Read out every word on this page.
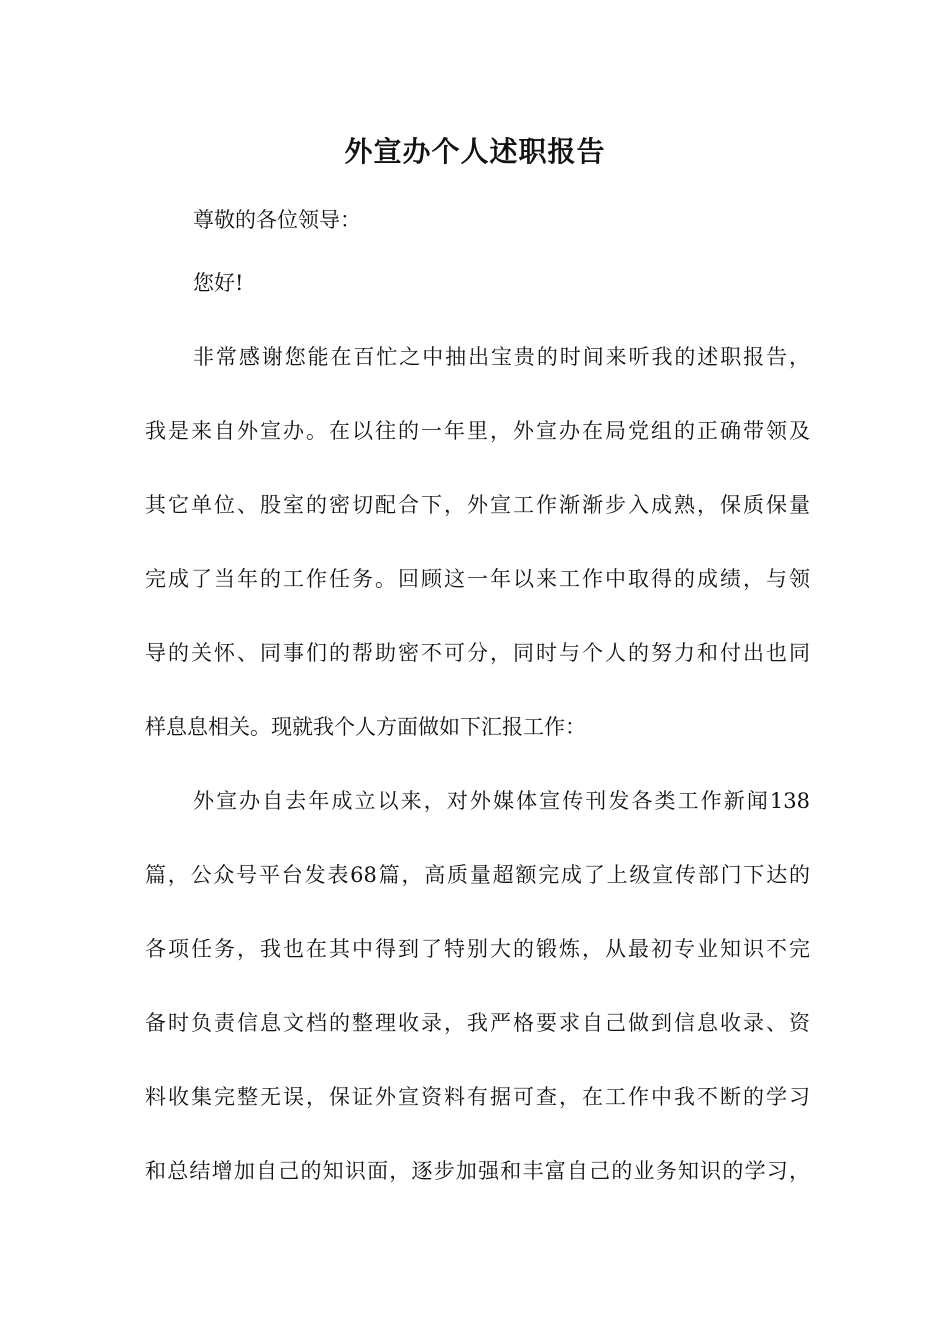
外宣办个人述职报告
尊敬的各位领导：
您好!
非常感谢您能在百忙之中抽出宝贵的时间来听我的述职报告，
我是来自外宣办。在以往的一年里，外宣办在局党组的正确带领及
其它单位、股室的密切配合下，外宣工作渐渐步入成熟，保质保量
完成了当年的工作任务。回顾这一年以来工作中取得的成绩，与领
导的关怀、同事们的帮助密不可分，同时与个人的努力和付出也同
样息息相关。现就我个人方面做如下汇报工作：
外宣办自去年成立以来，对外媒体宣传刊发各类工作新闻138
篇，公众号平台发表68篇，高质量超额完成了上级宣传部门下达的
各项任务，我也在其中得到了特别大的锻炼，从最初专业知识不完
备时负责信息文档的整理收录，我严格要求自己做到信息收录、资
料收集完整无误，保证外宣资料有据可查，在工作中我不断的学习
和总结增加自己的知识面，逐步加强和丰富自己的业务知识的学习，
